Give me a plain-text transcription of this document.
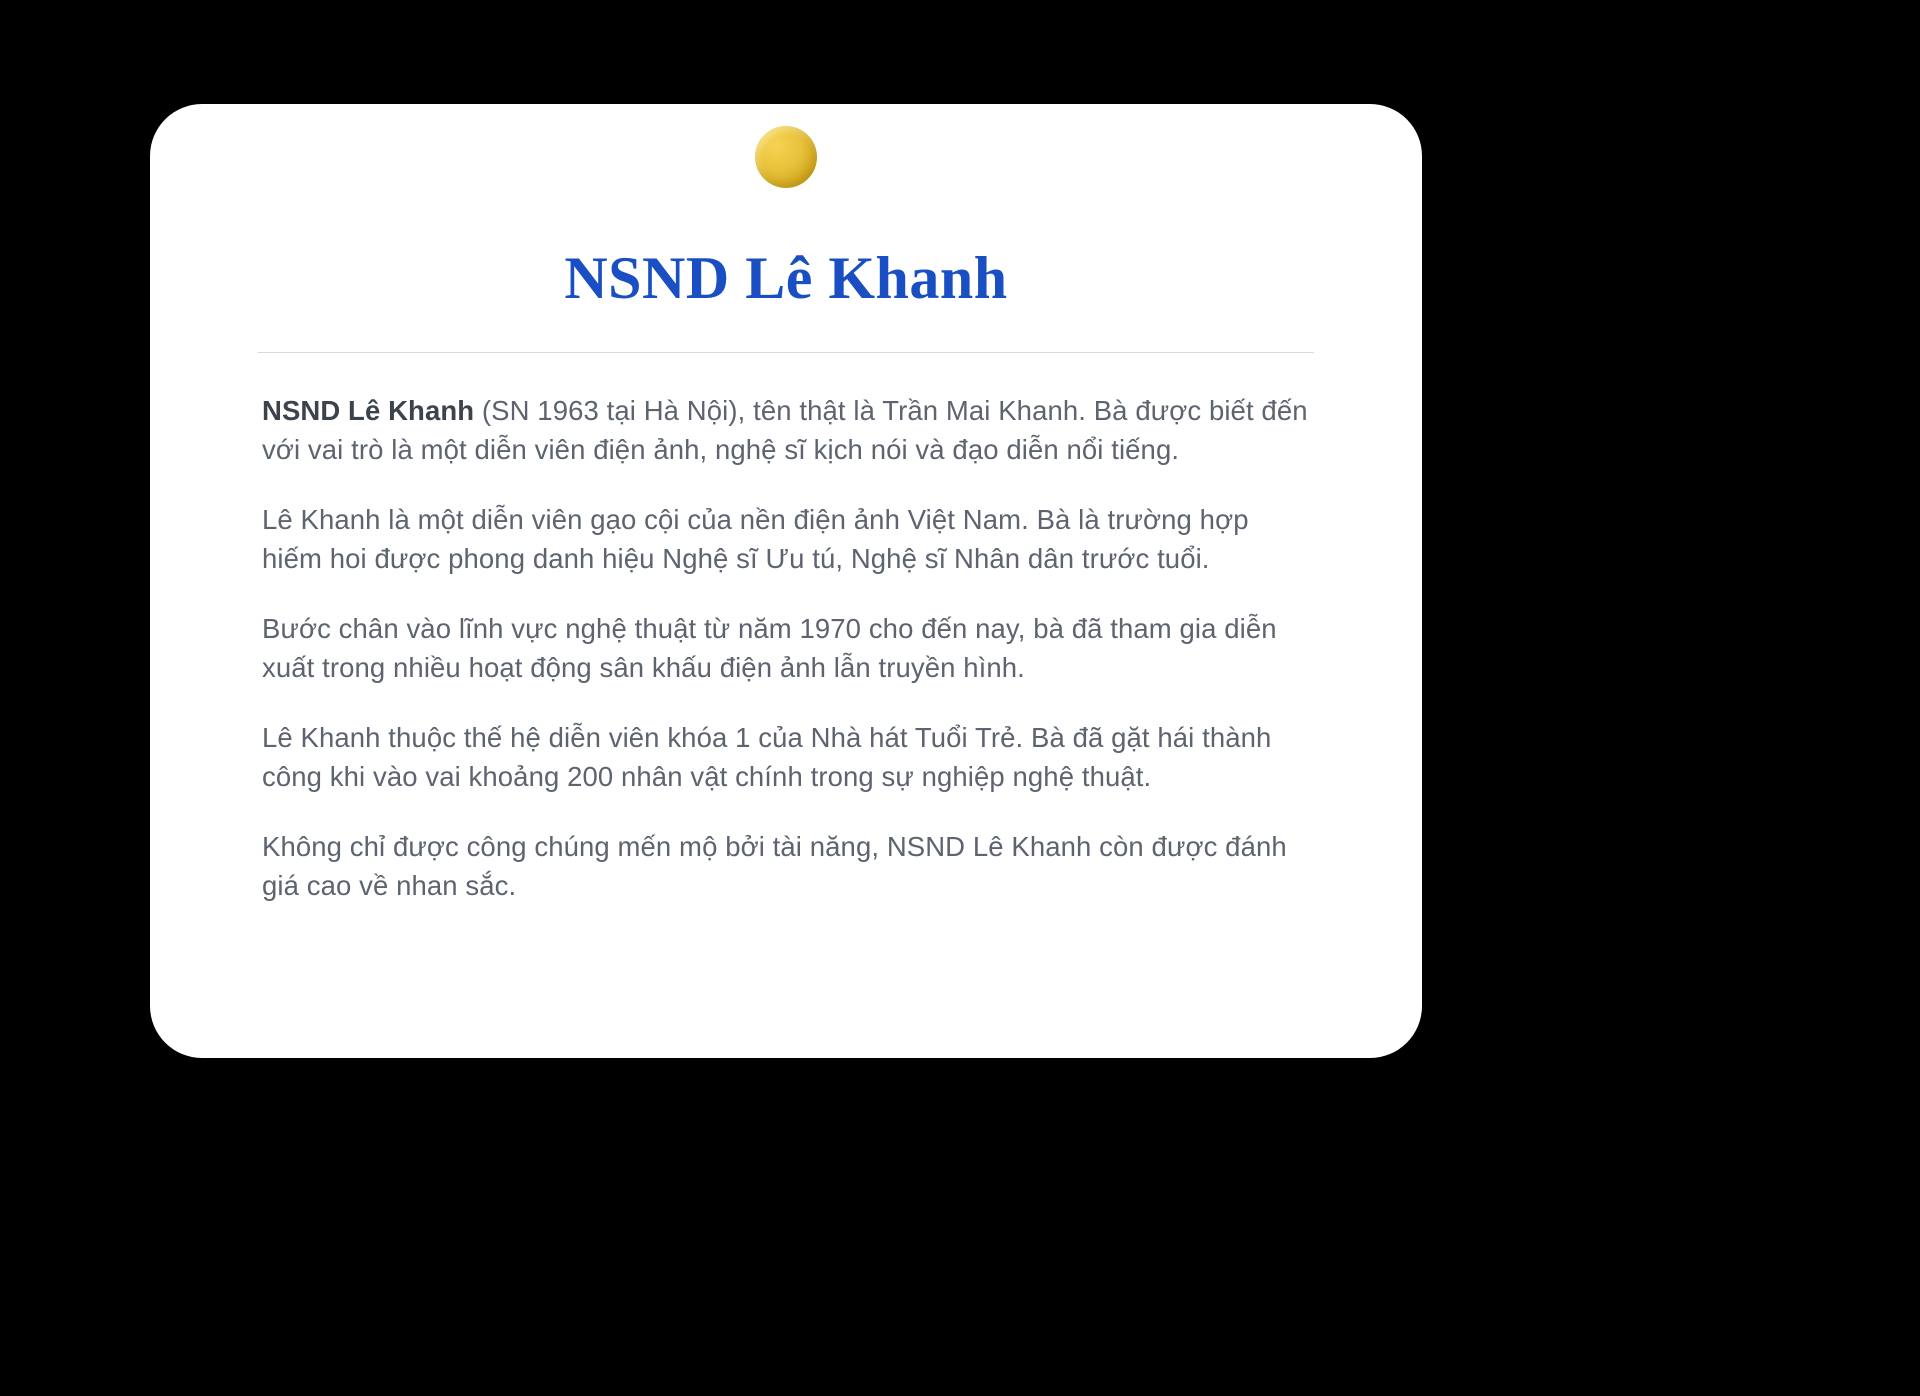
NSND Lê Khanh

NSND Lê Khanh (SN 1963 tại Hà Nội), tên thật là Trần Mai Khanh. Bà được biết đến với vai trò là một diễn viên điện ảnh, nghệ sĩ kịch nói và đạo diễn nổi tiếng.

Lê Khanh là một diễn viên gạo cội của nền điện ảnh Việt Nam. Bà là trường hợp hiếm hoi được phong danh hiệu Nghệ sĩ Ưu tú, Nghệ sĩ Nhân dân trước tuổi.

Bước chân vào lĩnh vực nghệ thuật từ năm 1970 cho đến nay, bà đã tham gia diễn xuất trong nhiều hoạt động sân khấu điện ảnh lẫn truyền hình.

Lê Khanh thuộc thế hệ diễn viên khóa 1 của Nhà hát Tuổi Trẻ. Bà đã gặt hái thành công khi vào vai khoảng 200 nhân vật chính trong sự nghiệp nghệ thuật.

Không chỉ được công chúng mến mộ bởi tài năng, NSND Lê Khanh còn được đánh giá cao về nhan sắc.
